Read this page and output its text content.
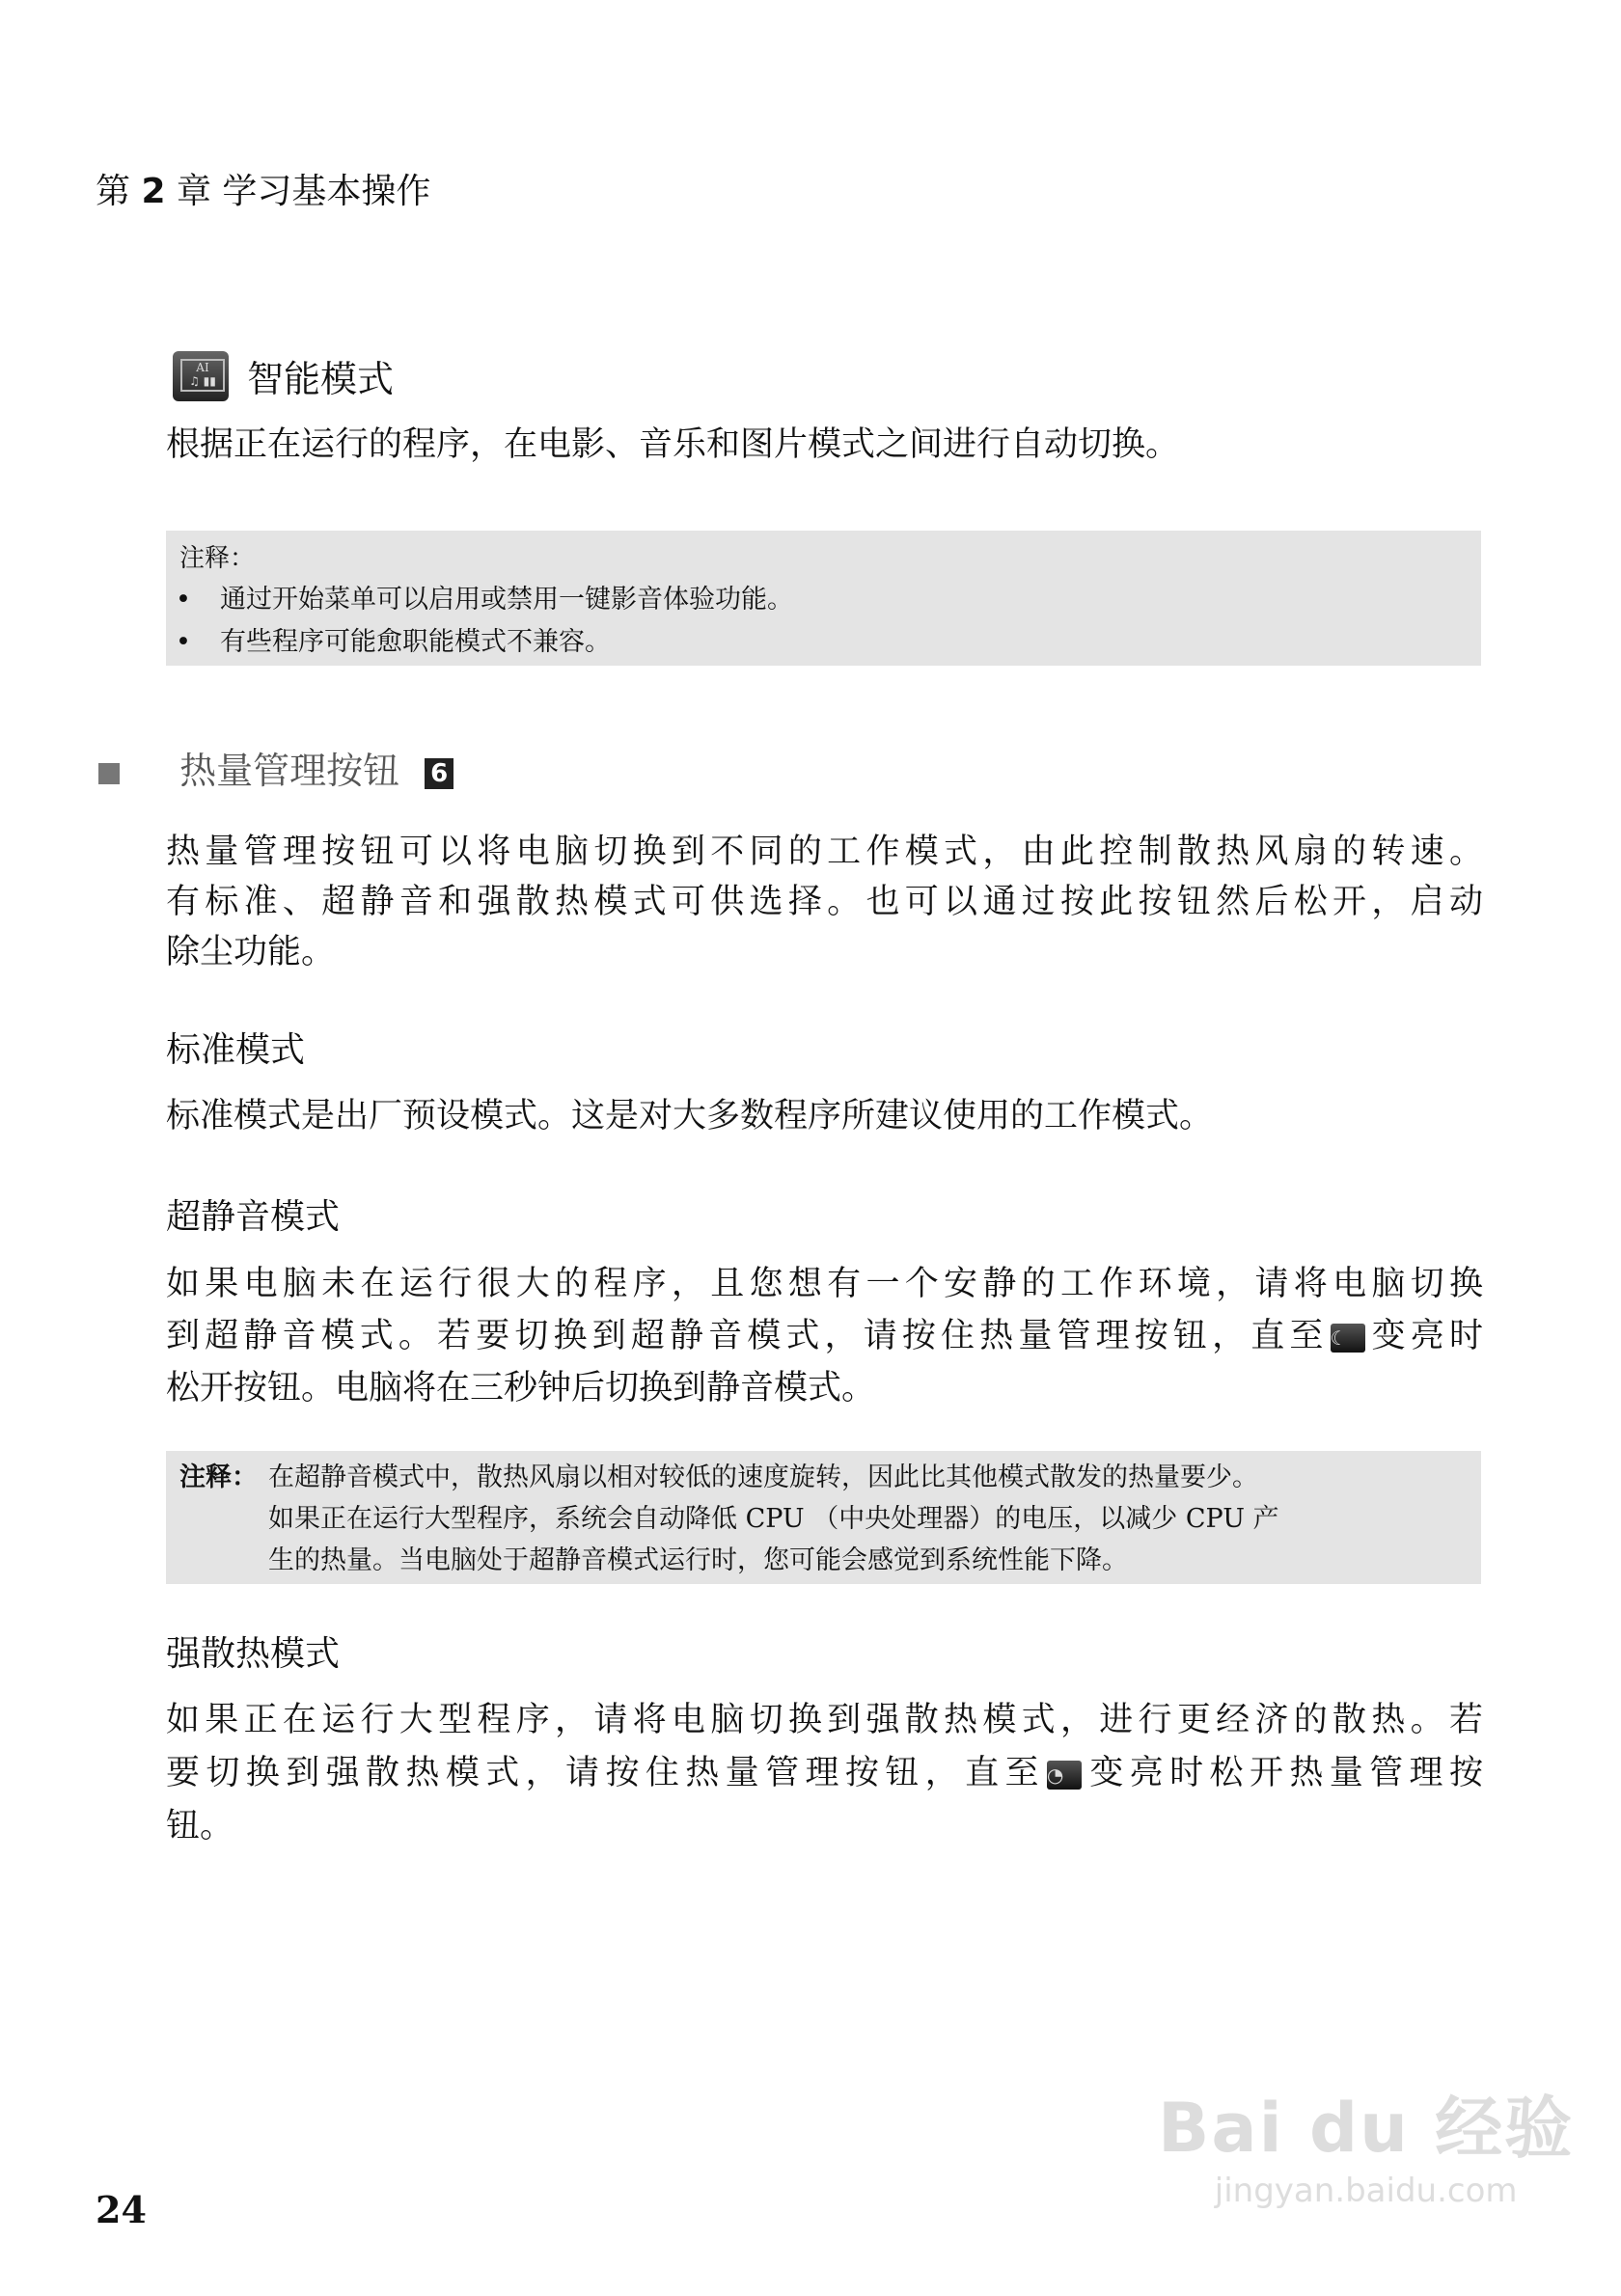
第 2 章 学习基本操作
AI
♫ ▮▮ 智能模式
根据正在运行的程序，在电影、音乐和图片模式之间进行自动切换。
注释：
• 通过开始菜单可以启用或禁用一键影音体验功能。
• 有些程序可能愈职能模式不兼容。
热量管理按钮 6
热量管理按钮可以将电脑切换到不同的工作模式，由此控制散热风扇的转速。
有标准、超静音和强散热模式可供选择。也可以通过按此按钮然后松开，启动
除尘功能。
标准模式
标准模式是出厂预设模式。这是对大多数程序所建议使用的工作模式。
超静音模式
如果电脑未在运行很大的程序，且您想有一个安静的工作环境，请将电脑切换
到超静音模式。若要切换到超静音模式，请按住热量管理按钮，直至 ☾ 变亮时
松开按钮。电脑将在三秒钟后切换到静音模式。
注释： 在超静音模式中，散热风扇以相对较低的速度旋转，因此比其他模式散发的热量要少。
如果正在运行大型程序，系统会自动降低 CPU （中央处理器）的电压，以减少 CPU 产
生的热量。当电脑处于超静音模式运行时，您可能会感觉到系统性能下降。
强散热模式
如果正在运行大型程序，请将电脑切换到强散热模式，进行更经济的散热。若
要切换到强散热模式，请按住热量管理按钮，直至 ◔ 变亮时松开热量管理按
钮。
24
Bai du 经验
jingyan.baidu.com
